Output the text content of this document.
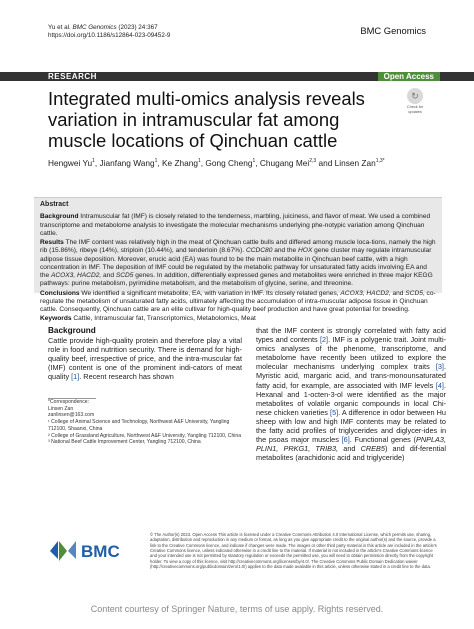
Yu et al. BMC Genomics (2023) 24:367
https://doi.org/10.1186/s12864-023-09452-9	BMC Genomics
RESEARCH	Open Access
Integrated multi-omics analysis reveals variation in intramuscular fat among muscle locations of Qinchuan cattle
↻
Check for updates
Hengwei Yu$^1$, Jianfang Wang$^1$, Ke Zhang$^1$, Gong Cheng$^1$, Chugang Mei$^{2,3}$ and Linsen Zan$^{1,3*}$
Abstract

Background Intramuscular fat (IMF) is closely related to the tenderness, marbling, juiciness, and flavor of meat. We used a combined transcriptome and metabolome analysis to investigate the molecular mechanisms underlying phe-notypic variation among Qinchuan cattle.

Results The IMF content was relatively high in the meat of Qinchuan cattle bulls and differed among muscle loca-tions, namely the high rib (15.86%), ribeye (14%), striploin (10.44%), and tenderloin (8.67%). CCDC80 and the HOX gene cluster may regulate intramuscular adipose tissue deposition. Moreover, erucic acid (EA) was found to be the main metabolite in Qinchuan beef cattle, with a high concentration in IMF. The deposition of IMF could be regulated by the metabolic pathway for unsaturated fatty acids involving EA and the ACOX3, HACD2, and SCD5 genes. In addition, differentially expressed genes and metabolites were enriched in three major KEGG pathways: purine metabolism, pyrimidine metabolism, and the metabolism of glycine, serine, and threonine.

Conclusions We identified a significant metabolite, EA, with variation in IMF. Its closely related genes, ACOX3, HACD2, and SCD5, co-regulate the metabolism of unsaturated fatty acids, ultimately affecting the accumulation of intra-muscular adipose tissue in Qinchuan cattle. Consequently, Qinchuan cattle are an elite cultivar for high-quality beef production and have great potential for breeding.

Keywords Cattle, Intramuscular fat, Transcriptomics, Metabolomics, Meat

Background

Cattle provide high-quality protein and therefore play a vital role in food and nutrition security. There is demand for high-quality beef, irrespective of price, and the intra-muscular fat (IMF) content is one of the prominent indi-cators of meat quality [1]. Recent research has shown

*Correspondence:
Linsen Zan
zanlinsen@163.com
¹ College of Animal Science and Technology, Northwest A&F University, Yangling 712100, Shaanxi, China
² College of Grassland Agriculture, Northwest A&F University, Yangling 712100, China
³ National Beef Cattle Improvement Center, Yangling 712100, China

that the IMF content is strongly correlated with fatty acid types and contents [2]. IMF is a polygenic trait. Joint multi-omics analyses of the phenome, transcriptome, and metabolome have recently been utilized to explore the molecular mechanisms underlying complex traits [3]. Myristic acid, margaric acid, and trans-monounsaturated fatty acid, for example, are associated with IMF levels [4]. Hexanal and 1-octen-3-ol were identified as the major metabolites of volatile organic compounds in local Chi-nese chicken varieties [5]. A difference in odor between Hu sheep with low and high IMF contents may be related to the fatty acid profiles of triglycerides and diglycer-ides in the psoas major muscles [6]. Functional genes (PNPLA3, PLIN1, PRKG1, TRIB3, and CREB5) and dif-ferential metabolites (arachidonic acid and triglyceride)

BMC
© The Author(s) 2023. Open Access This article is licensed under a Creative Commons Attribution 4.0 International License, which permits use, sharing, adaptation, distribution and reproduction in any medium or format, as long as you give appropriate credit to the original author(s) and the source, provide a link to the Creative Commons licence, and indicate if changes were made. The images or other third party material in this article are included in the article's Creative Commons licence, unless indicated otherwise in a credit line to the material. If material is not included in the article's Creative Commons licence and your intended use is not permitted by statutory regulation or exceeds the permitted use, you will need to obtain permission directly from the copyright holder. To view a copy of this licence, visit http://creativecommons.org/licenses/by/4.0/. The Creative Commons Public Domain Dedication waiver (http://creativecommons.org/publicdomain/zero/1.0/) applies to the data made available in this article, unless otherwise stated in a credit line to the data.
Content courtesy of Springer Nature, terms of use apply. Rights reserved.
